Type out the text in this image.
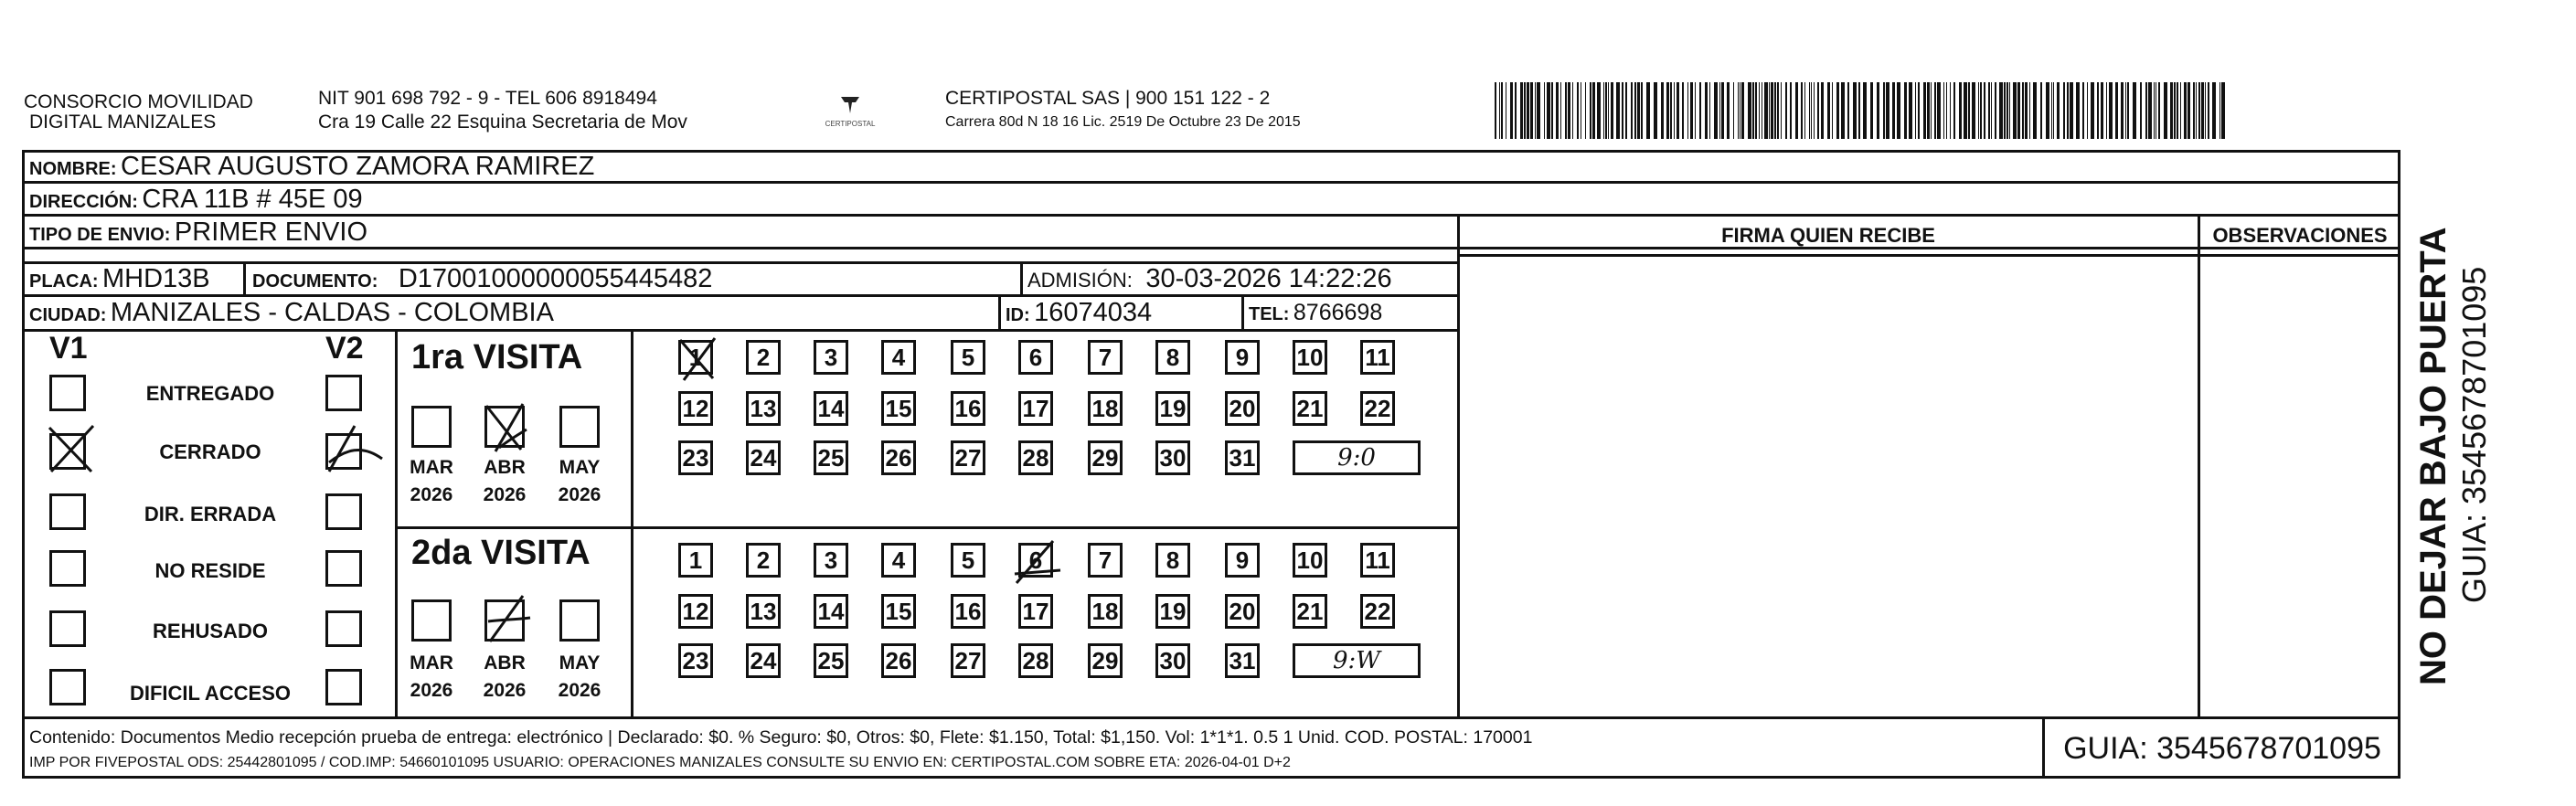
CONSORCIO MOVILIDAD
DIGITAL MANIZALES
NIT 901 698 792 - 9 - TEL 606 8918494
Cra 19 Calle 22 Esquina Secretaria de Mov	CERTIPOSTAL
CERTIPOSTAL SAS | 900 151 122 - 2
Carrera 80d N 18 16 Lic. 2519 De Octubre 23 De 2015
NOMBRE: CESAR AUGUSTO ZAMORA RAMIREZ
DIRECCIÓN: CRA 11B # 45E 09
TIPO DE ENVIO: PRIMER ENVIO
PLACA: MHD13B DOCUMENTO: D17001000000055445482	ADMISIÓN: 30-03-2026 14:22:26
CIUDAD: MANIZALES - CALDAS - COLOMBIA	ID: 16074034	TEL: 8766698
FIRMA QUIEN RECIBE	OBSERVACIONES
V1	V2
ENTREGADO
CERRADO
DIR. ERRADA
NO RESIDE
REHUSADO
DIFICIL ACCESO
1ra VISITA
MAR	ABR	MAY
2026	2026	2026
2da VISITA
MAR	ABR	MAY
2026	2026	2026
1	2	3	4	5	6	7	8	9	10 11
12 13 14 15 16 17 18 19 20 21 22
23 24 25 26 27 28 29 30 31	9:0
1	2	3	4	5	6	7	8	9	10 11
12 13 14 15 16 17 18 19 20 21 22
23 24 25 26 27 28 29 30 31	9:W
Contenido: Documentos Medio recepción prueba de entrega: electrónico | Declarado: $0. % Seguro: $0, Otros: $0, Flete: $1.150, Total: $1,150. Vol: 1*1*1. 0.5 1 Unid. COD. POSTAL: 170001
IMP POR FIVEPOSTAL ODS: 25442801095 / COD.IMP: 54660101095 USUARIO: OPERACIONES MANIZALES CONSULTE SU ENVIO EN: CERTIPOSTAL.COM SOBRE ETA: 2026-04-01 D+2	GUIA: 3545678701095
NO DEJAR BAJO PUERTA GUIA: 3545678701095
